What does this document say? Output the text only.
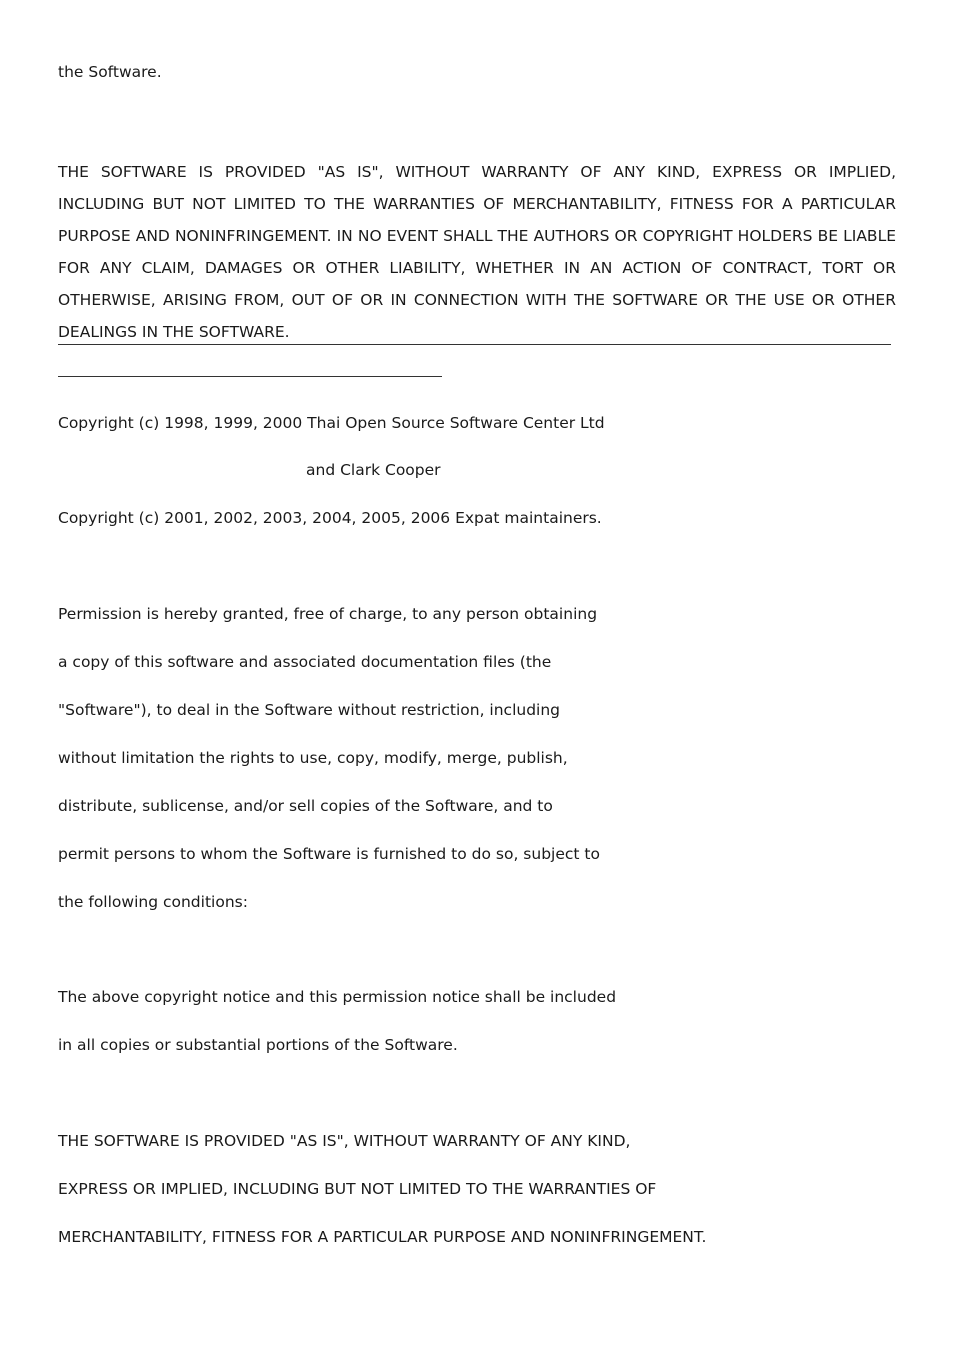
the Software.

THE SOFTWARE IS PROVIDED "AS IS", WITHOUT WARRANTY OF ANY KIND, EXPRESS OR IMPLIED, INCLUDING BUT NOT LIMITED TO THE WARRANTIES OF MERCHANTABILITY, FITNESS FOR A PARTICULAR PURPOSE AND NONINFRINGEMENT. IN NO EVENT SHALL THE AUTHORS OR COPYRIGHT HOLDERS BE LIABLE FOR ANY CLAIM, DAMAGES OR OTHER LIABILITY, WHETHER IN AN ACTION OF CONTRACT, TORT OR OTHERWISE, ARISING FROM, OUT OF OR IN CONNECTION WITH THE SOFTWARE OR THE USE OR OTHER DEALINGS IN THE SOFTWARE.

Copyright (c) 1998, 1999, 2000 Thai Open Source Software Center Ltd

and Clark Cooper

Copyright (c) 2001, 2002, 2003, 2004, 2005, 2006 Expat maintainers.

Permission is hereby granted, free of charge, to any person obtaining

a copy of this software and associated documentation files (the

"Software"), to deal in the Software without restriction, including

without limitation the rights to use, copy, modify, merge, publish,

distribute, sublicense, and/or sell copies of the Software, and to

permit persons to whom the Software is furnished to do so, subject to

the following conditions:

The above copyright notice and this permission notice shall be included

in all copies or substantial portions of the Software.

THE SOFTWARE IS PROVIDED "AS IS", WITHOUT WARRANTY OF ANY KIND,

EXPRESS OR IMPLIED, INCLUDING BUT NOT LIMITED TO THE WARRANTIES OF

MERCHANTABILITY, FITNESS FOR A PARTICULAR PURPOSE AND NONINFRINGEMENT.
